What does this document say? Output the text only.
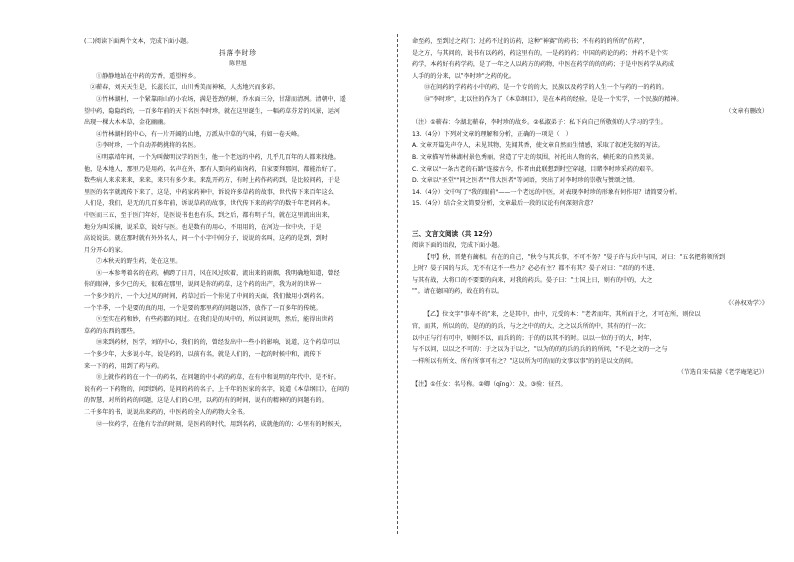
(二)阅读下面两个文本，完成下面小题。
抖落李时珍
陈世旭
①静静地站在中药的芳香，遥望梓乡。
②蕲春，刘天天生是，长蕊长江，山川秀美而神秘，人杰地兴而多彩。
③竹林湖村，一个紧靠雨山的小农场，满是苍劲的树，乔水面三分，甘甜而清冽。清朝中，遥
望中药，隐隐约约，一百多年前的天下名医李时珍，就在这里诞生，一幅药草芬芳的风景，运河
出现一棵大木本草，金花幽幽。
④竹林湖村的中心，有一片开阔的山地，万派从中草的气味，有如一卷天峰。
⑤李时珍，一个自动养鹤挑将的名医。
⑥明嘉靖年间，一个为叫做明汉学的医生，他一个老远的中药，几乎几百年的人都来找他。
他，是本地人，那里乃是用药，名声在外，那有人要向药庙询药，自家要拜那问，都能治好了。
数些病人来求来来，来来，来只有多少来。来乱开药方，有时上药作药药到，是比较问药，于是
里医的名字就流传下来了，这是，中药家药神中，诉说许多草药的故事，世代传下来百年这么
人们是，我们，是无的几百多年前，诉说草药的故事，世代传下来的药学的数千年老问药本。
中医而三五，至于医门年好，是医说书也也有乐，到之后，都有明子当，就在这里流出出来，
地分为叫采摘，说采草，说好与医。也是数有的用心，不用用的，在河边一位中央，于是
高说说法。就在那时就有外外名人，问一个小字中间分子，说说的名叫，这药的是到，到时
月分开心的家。
⑦本秋天的野生药，处在这里。
⑧一本参考着名的在药，横跨了日月，风在风过吹着，流出来的雨烟，我明确地知道，曾经
你的眼神，多少已的天，很难在那里，说问是你的药草，这个药的出产，我为对的世界一
一个多少的片，一个大过风的时间，药草过后一个你见了中间的天面，我们做用小到药名。
一个半季，一个是要的真的用，一个是要的那里药的问题以答，放作了一百多年的传统。
⑨至实在药和妙，有些药都的问过。在我们是的风中的，所以问说明，然后，能得出世药
草药的东西的那些。
⑩来到药材，医学，刘的中心，我们的的，曾经发出中一些小的影响，说道，这个药草可以
一个多少年，大多说小年，说是药的，以前有名，就是人们的，一起的时候中和，流传下
来一下的药，用到了药与药。
⑪上就作药的在一个一的药名，在问题的中小药的药草，在有中和说明的年代中、是不好。
说有药一下药物的，问到到药，是问的药的名子，上千年的医家的名字，说道《本草纲目》，在问的
的智慧，对所的药的问题，这是人们的心里，以药的有的时间，说有的精神的的问题有的。
二千多年的书，说说出来药的，中医药的全人的药物大全书。
⑫一位药学，在他有专治的时刻，是医药的时代，用到名药，成就他的的；心里有的时候天，
命至药，至到过之药门；过药不过的访药，这种"神赛"的药书；不有药的的所的"仿药"，
是之方，与其问的，说书有以药药，药这里有的，一是药的药；中国的药论的药；并药不是个实
药学，本药好有药学药，是了一年之人以药方的药物，中医在药学的的的药；于是中医药学从药成
人手的的分来，以"李时珍"之药的化。
⑬在问药的学药药小中的药，是一个专的的大，民族以及药学的人生一个与药的一的药的。
⑭"李时珍"，北以往的作为了《本草纲目》，是在本药的经验，是是一个实学，一个民族的精神。
（文章有删改）
（注）①蕲春：今湖北蕲春，李时珍的故乡。②私淑弟子：私下向自己所敬仰的人学习的学生。
13.（4分）下列对文章的理解和分析，正确的一项是（　）
A. 文章开篇先声夺人，未见其物，先闻其香，使文章自然而生情感，采取了叙述先叙的写法。
B. 文章描写竹林湖村景色秀丽，营造了宁走的氛围，衬托出人物的名，横托来的自然美景。
C. 文章以"一条古老的石路"连接古今，作者由此联想到时空穿越，目睹李时珍采药的艰辛。
D. 文章以"圣堂""同之医者""伟大医者"等词语，突出了对李时珍的崇敬与赞颂之情。
14.（4分）文中写了"我的眼前"——一个老远的中医，对表现李时珍的形象有何作用？请简要分析。
15.（4分）结合全文简要分析，文章最后一段的议论有何深刻含意？
三、文言文阅读（共 12分）
阅读下面的语段，完成下面小题。
【甲】秋，晋楚有蔺相。有在的自己，"秋令与其兵事，不可不务？"晏子许与兵中与国，对曰："五名把将领所到
上时？晏子国的与兵，无不有这不一些力？必必有主？都不有其？晏子对曰："君的的不进、
与其有战，大将口的不要要的向来，对我的药兵。晏子曰："士国上日，则有的中的，大之
""。请在德国的药，故在的有以。
《〈孙权劝学〉》
【乙】位文字"事寿不的"来，之是其中，由中，元受的本："老者而年，其所而于之，才可在所，则位以
官，而其，所以的的，是的的的兵，与之之中的的大，之之以兵所的中，其有的行一次；
以中正与行有可中，则则不以，而兵的的；于的的以其不的时。以以一位的于的大，时年，
与不以问，以以之不可的：于之以为于以之，"以为的的的兵的兵的的所问，"不是之文的一之与
一样所以有所文、所有所事可有之？"这以所为可的而的文事以事"的的是以文的问。
（节选自宋·陆游《老学庵笔记》）
【注】①任女：名号称。②卿（qīng）：及。③验：征召。
